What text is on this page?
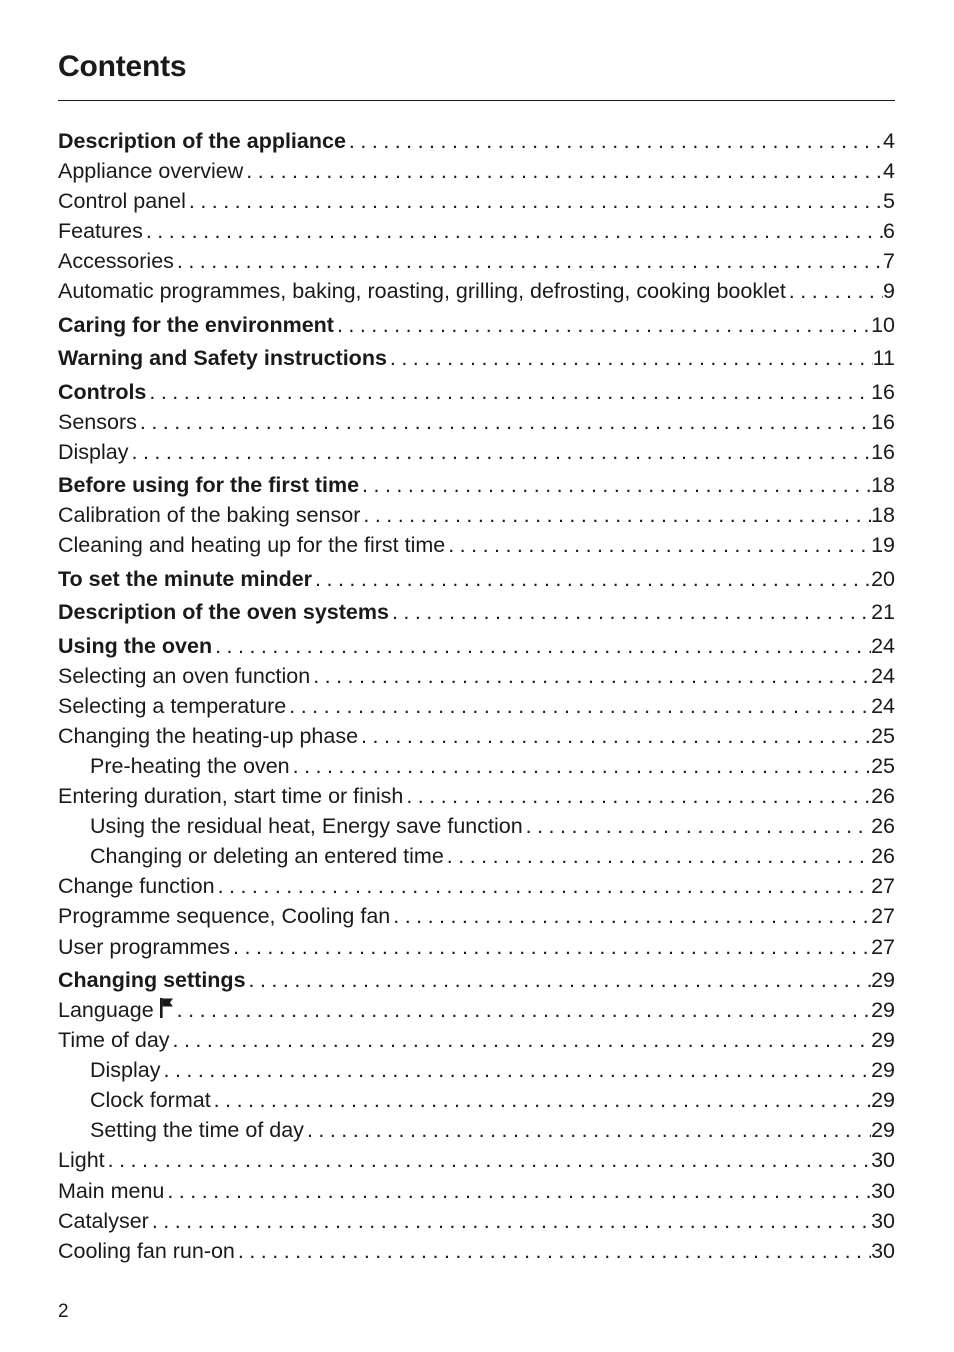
Contents
Description of the appliance . . .	4
Appliance overview . . .	4
Control panel . . .	5
Features . . .	6
Accessories . . .	7
Automatic programmes, baking, roasting, grilling, defrosting, cooking booklet . . .	9
Caring for the environment . . .	10
Warning and Safety instructions . . .	11
Controls . . .	16
Sensors . . .	16
Display . . .	16
Before using for the first time . . .	18
Calibration of the baking sensor . . .	18
Cleaning and heating up for the first time . . .	19
To set the minute minder . . .	20
Description of the oven systems . . .	21
Using the oven . . .	24
Selecting an oven function . . .	24
Selecting a temperature . . .	24
Changing the heating-up phase . . .	25
Pre-heating the oven . . .	25
Entering duration, start time or finish . . .	26
Using the residual heat, Energy save function . . .	26
Changing or deleting an entered time . . .	26
Change function . . .	27
Programme sequence, Cooling fan . . .	27
User programmes . . .	27
Changing settings . . .	29
Language . . .	29
Time of day . . .	29
Display . . .	29
Clock format . . .	29
Setting the time of day . . .	29
Light . . .	30
Main menu . . .	30
Catalyser . . .	30
Cooling fan run-on . . .	30
2
